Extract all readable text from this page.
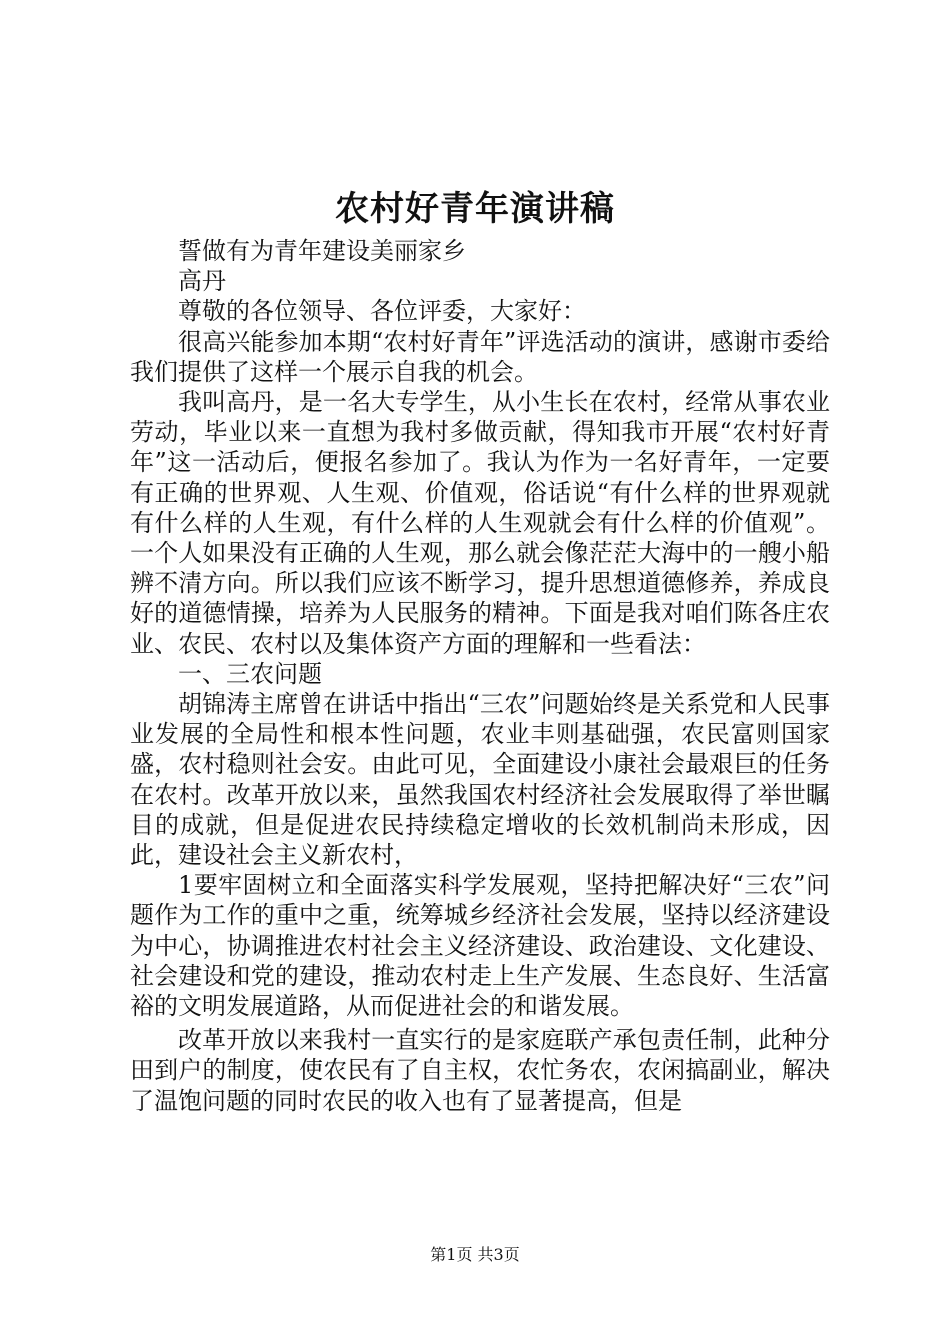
农村好青年演讲稿

誓做有为青年建设美丽家乡

高丹

尊敬的各位领导、各位评委，大家好：

很高兴能参加本期“农村好青年”评选活动的演讲，感谢市委给我们提供了这样一个展示自我的机会。

我叫高丹，是一名大专学生，从小生长在农村，经常从事农业劳动，毕业以来一直想为我村多做贡献，得知我市开展“农村好青年”这一活动后，便报名参加了。我认为作为一名好青年，一定要有正确的世界观、人生观、价值观，俗话说“有什么样的世界观就有什么样的人生观，有什么样的人生观就会有什么样的价值观”。一个人如果没有正确的人生观，那么就会像茫茫大海中的一艘小船辨不清方向。所以我们应该不断学习，提升思想道德修养，养成良好的道德情操，培养为人民服务的精神。下面是我对咱们陈各庄农业、农民、农村以及集体资产方面的理解和一些看法：

一、三农问题

胡锦涛主席曾在讲话中指出“三农”问题始终是关系党和人民事业发展的全局性和根本性问题，农业丰则基础强，农民富则国家盛，农村稳则社会安。由此可见，全面建设小康社会最艰巨的任务在农村。改革开放以来，虽然我国农村经济社会发展取得了举世瞩目的成就，但是促进农民持续稳定增收的长效机制尚未形成，因此，建设社会主义新农村，

1要牢固树立和全面落实科学发展观，坚持把解决好“三农”问题作为工作的重中之重，统筹城乡经济社会发展，坚持以经济建设为中心，协调推进农村社会主义经济建设、政治建设、文化建设、社会建设和党的建设，推动农村走上生产发展、生态良好、生活富裕的文明发展道路，从而促进社会的和谐发展。

改革开放以来我村一直实行的是家庭联产承包责任制，此种分田到户的制度，使农民有了自主权，农忙务农，农闲搞副业，解决了温饱问题的同时农民的收入也有了显著提高，但是

第1页 共3页
